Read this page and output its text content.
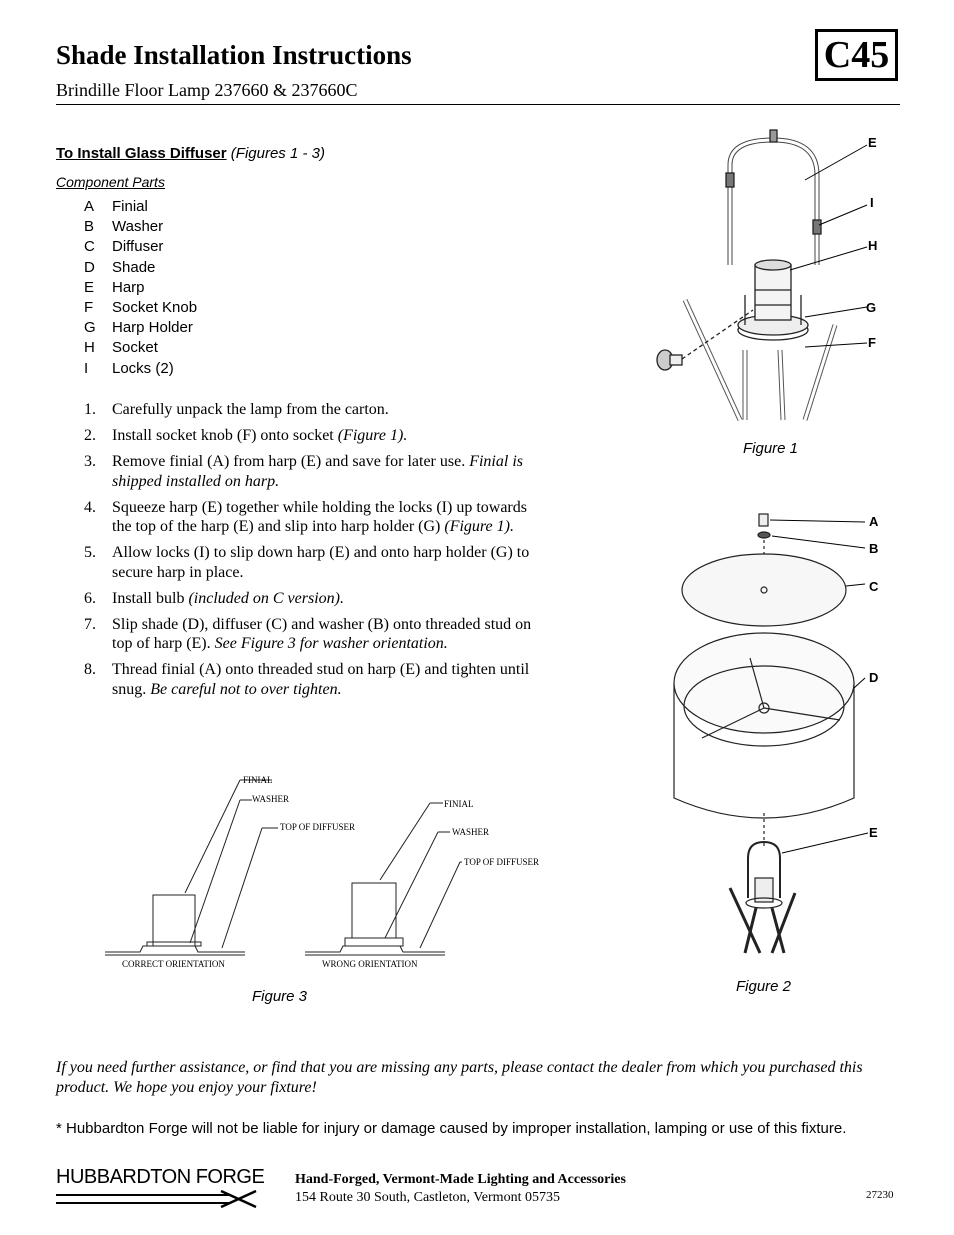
Shade Installation Instructions
Brindille Floor Lamp 237660 & 237660C
C45
To Install Glass Diffuser (Figures 1 - 3)
Component Parts
A	Finial
B	Washer
C	Diffuser
D	Shade
E	Harp
F	Socket Knob
G	Harp Holder
H	Socket
I	Locks (2)
1.	Carefully unpack the lamp from the carton.
2.	Install socket knob (F) onto socket (Figure 1).
3.	Remove finial (A) from harp (E) and save for later use. Finial is shipped installed on harp.
4.	Squeeze harp (E) together while holding the locks (I) up towards the top of the harp (E) and slip into harp holder (G) (Figure 1).
5.	Allow locks (I) to slip down harp (E) and onto harp holder (G) to secure harp in place.
6.	Install bulb (included on C version).
7.	Slip shade (D), diffuser (C) and washer (B) onto threaded stud on top of harp (E). See Figure 3 for washer orientation.
8.	Thread finial (A) onto threaded stud on harp (E) and tighten until snug. Be careful not to over tighten.
E
I
H
G
F
Figure 1
A
B
C
D
E
Figure 2
FINIAL
WASHER
TOP OF DIFFUSER
CORRECT ORIENTATION
FINIAL
WASHER
TOP OF DIFFUSER
WRONG ORIENTATION
Figure 3
If you need further assistance, or find that you are missing any parts, please contact the dealer from which you purchased this product. We hope you enjoy your fixture!
* Hubbardton Forge will not be liable for injury or damage caused by improper installation, lamping or use of this fixture.
HUBBARDTON FORGE Hand-Forged, Vermont-Made Lighting and Accessories
154 Route 30 South, Castleton, Vermont 05735	27230
